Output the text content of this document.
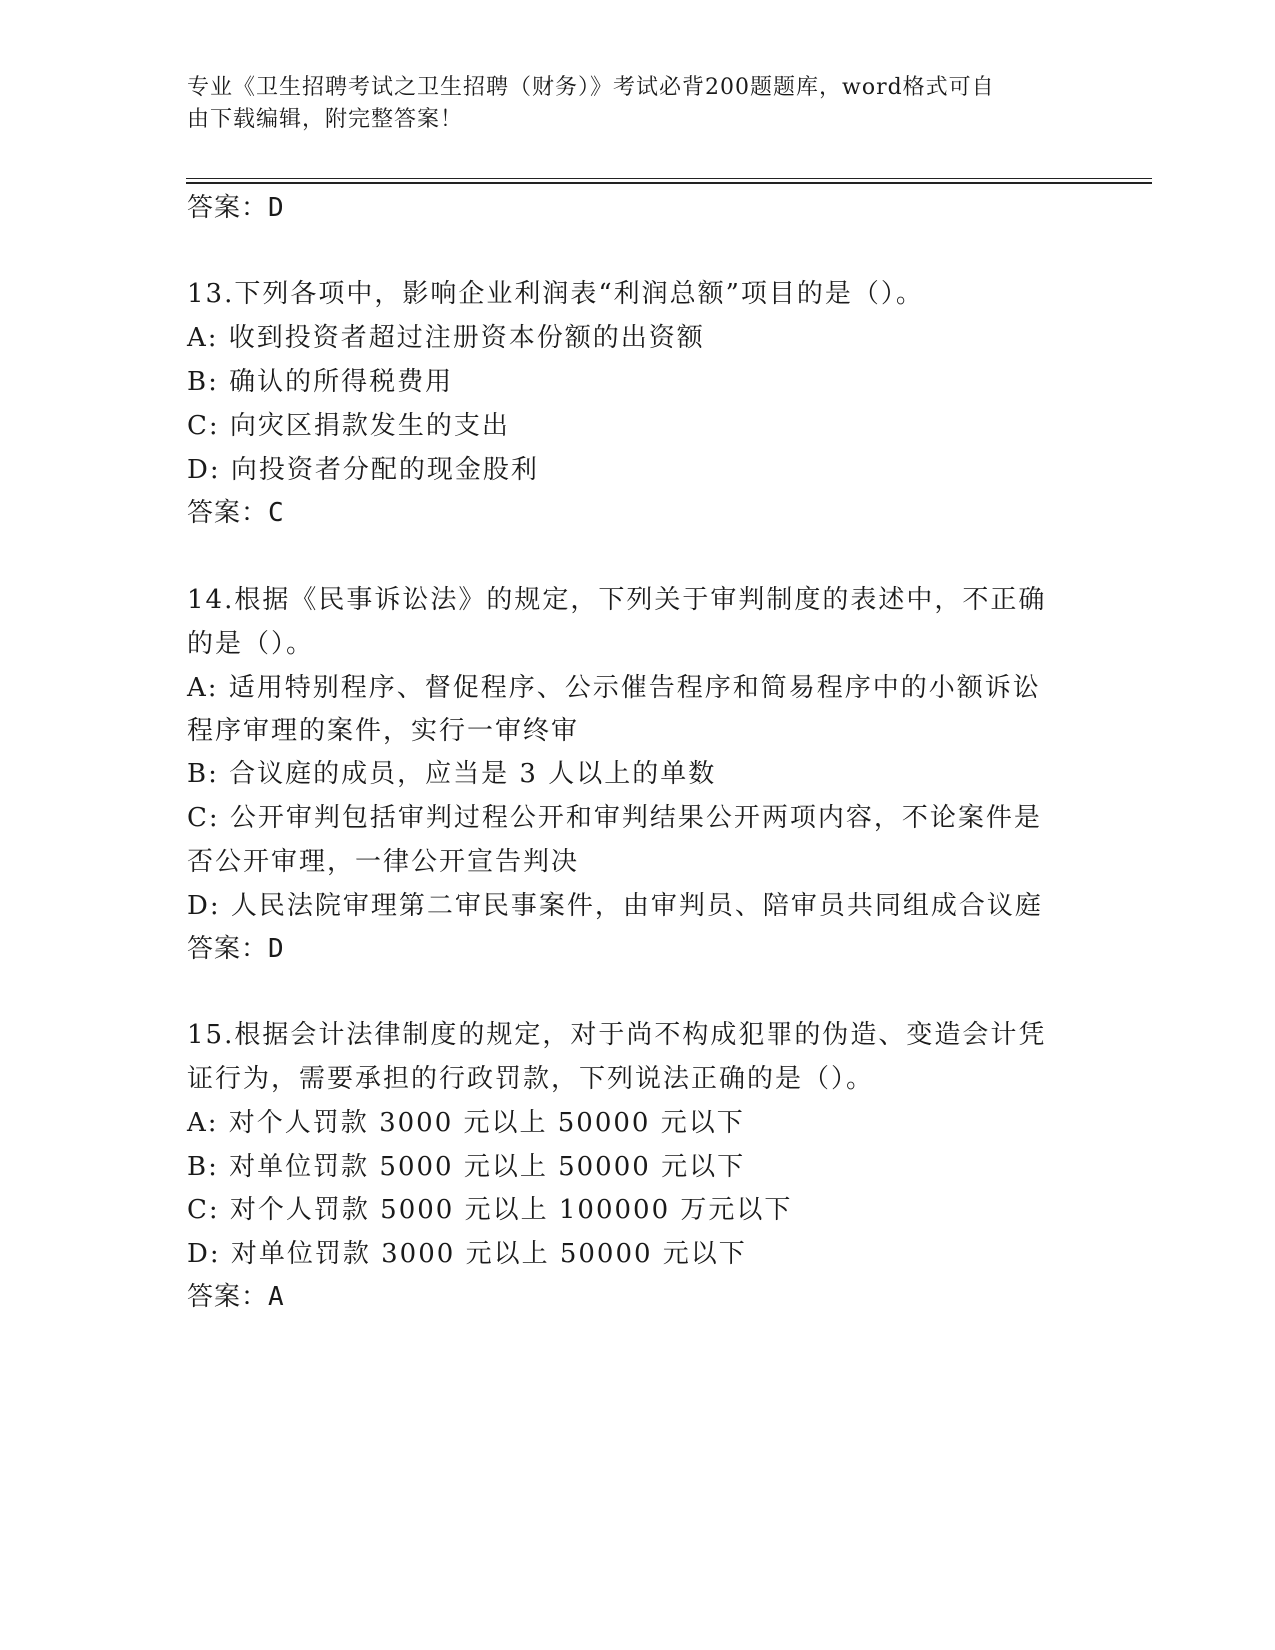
专业《卫生招聘考试之卫生招聘（财务）》考试必背200题题库，word格式可自
由下载编辑，附完整答案！
答案：D
13.下列各项中，影响企业利润表“利润总额”项目的是（）。
A: 收到投资者超过注册资本份额的出资额
B: 确认的所得税费用
C: 向灾区捐款发生的支出
D: 向投资者分配的现金股利
答案：C
14.根据《民事诉讼法》的规定，下列关于审判制度的表述中，不正确
的是（）。
A: 适用特别程序、督促程序、公示催告程序和简易程序中的小额诉讼
程序审理的案件，实行一审终审
B: 合议庭的成员，应当是 3 人以上的单数
C: 公开审判包括审判过程公开和审判结果公开两项内容，不论案件是
否公开审理，一律公开宣告判决
D: 人民法院审理第二审民事案件，由审判员、陪审员共同组成合议庭
答案：D
15.根据会计法律制度的规定，对于尚不构成犯罪的伪造、变造会计凭
证行为，需要承担的行政罚款，下列说法正确的是（）。
A: 对个人罚款 3000 元以上 50000 元以下
B: 对单位罚款 5000 元以上 50000 元以下
C: 对个人罚款 5000 元以上 100000 万元以下
D: 对单位罚款 3000 元以上 50000 元以下
答案：A
